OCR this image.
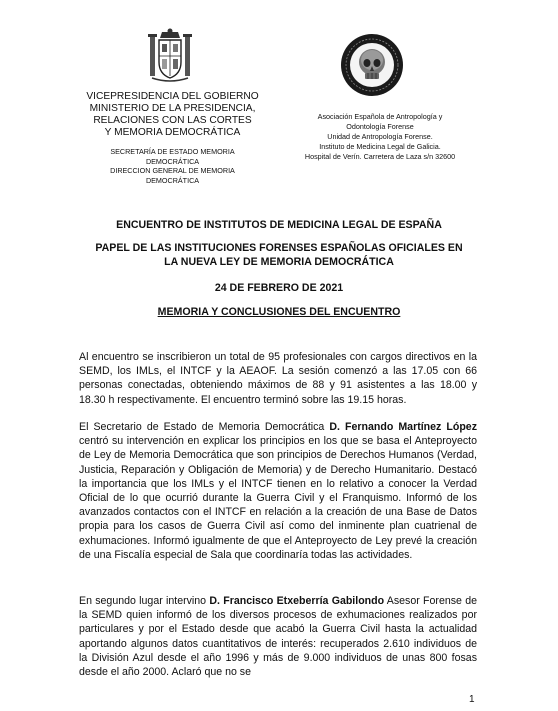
VICEPRESIDENCIA DEL GOBIERNO
MINISTERIO DE LA PRESIDENCIA,
RELACIONES CON LAS CORTES
Y MEMORIA DEMOCRÁTICA
SECRETARÍA DE ESTADO MEMORIA
DEMOCRÁTICA
DIRECCION GENERAL DE MEMORIA
DEMOCRÁTICA
Asociación Española de Antropología y
Odontología Forense
Unidad de Antropología Forense.
Instituto de Medicina Legal de Galicia.
Hospital de Verín. Carretera de Laza s/n 32600
ENCUENTRO DE INSTITUTOS DE MEDICINA LEGAL DE ESPAÑA
PAPEL DE LAS INSTITUCIONES FORENSES ESPAÑOLAS OFICIALES EN
LA NUEVA LEY DE MEMORIA DEMOCRÁTICA
24 DE FEBRERO DE 2021
MEMORIA Y CONCLUSIONES DEL ENCUENTRO
Al encuentro se inscribieron un total de 95 profesionales con cargos directivos en la SEMD, los IMLs, el INTCF y la AEAOF. La sesión comenzó a las 17.05 con 66 personas conectadas, obteniendo máximos de 88 y 91 asistentes a las 18.00 y 18.30 h respectivamente. El encuentro terminó sobre las 19.15 horas.
El Secretario de Estado de Memoria Democrática D. Fernando Martínez López centró su intervención en explicar los principios en los que se basa el Anteproyecto de Ley de Memoria Democrática que son principios de Derechos Humanos (Verdad, Justicia, Reparación y Obligación de Memoria) y de Derecho Humanitario. Destacó la importancia que los IMLs y el INTCF tienen en lo relativo a conocer la Verdad Oficial de lo que ocurrió durante la Guerra Civil y el Franquismo. Informó de los avanzados contactos con el INTCF en relación a la creación de una Base de Datos propia para los casos de Guerra Civil así como del inminente plan cuatrienal de exhumaciones. Informó igualmente de que el Anteproyecto de Ley prevé la creación de una Fiscalía especial de Sala que coordinaría todas las actividades.
En segundo lugar intervino D. Francisco Etxeberría Gabilondo Asesor Forense de la SEMD quien informó de los diversos procesos de exhumaciones realizados por particulares y por el Estado desde que acabó la Guerra Civil hasta la actualidad aportando algunos datos cuantitativos de interés: recuperados 2.610 individuos de la División Azul desde el año 1996 y más de 9.000 individuos de unas 800 fosas desde el año 2000. Aclaró que no se
1
